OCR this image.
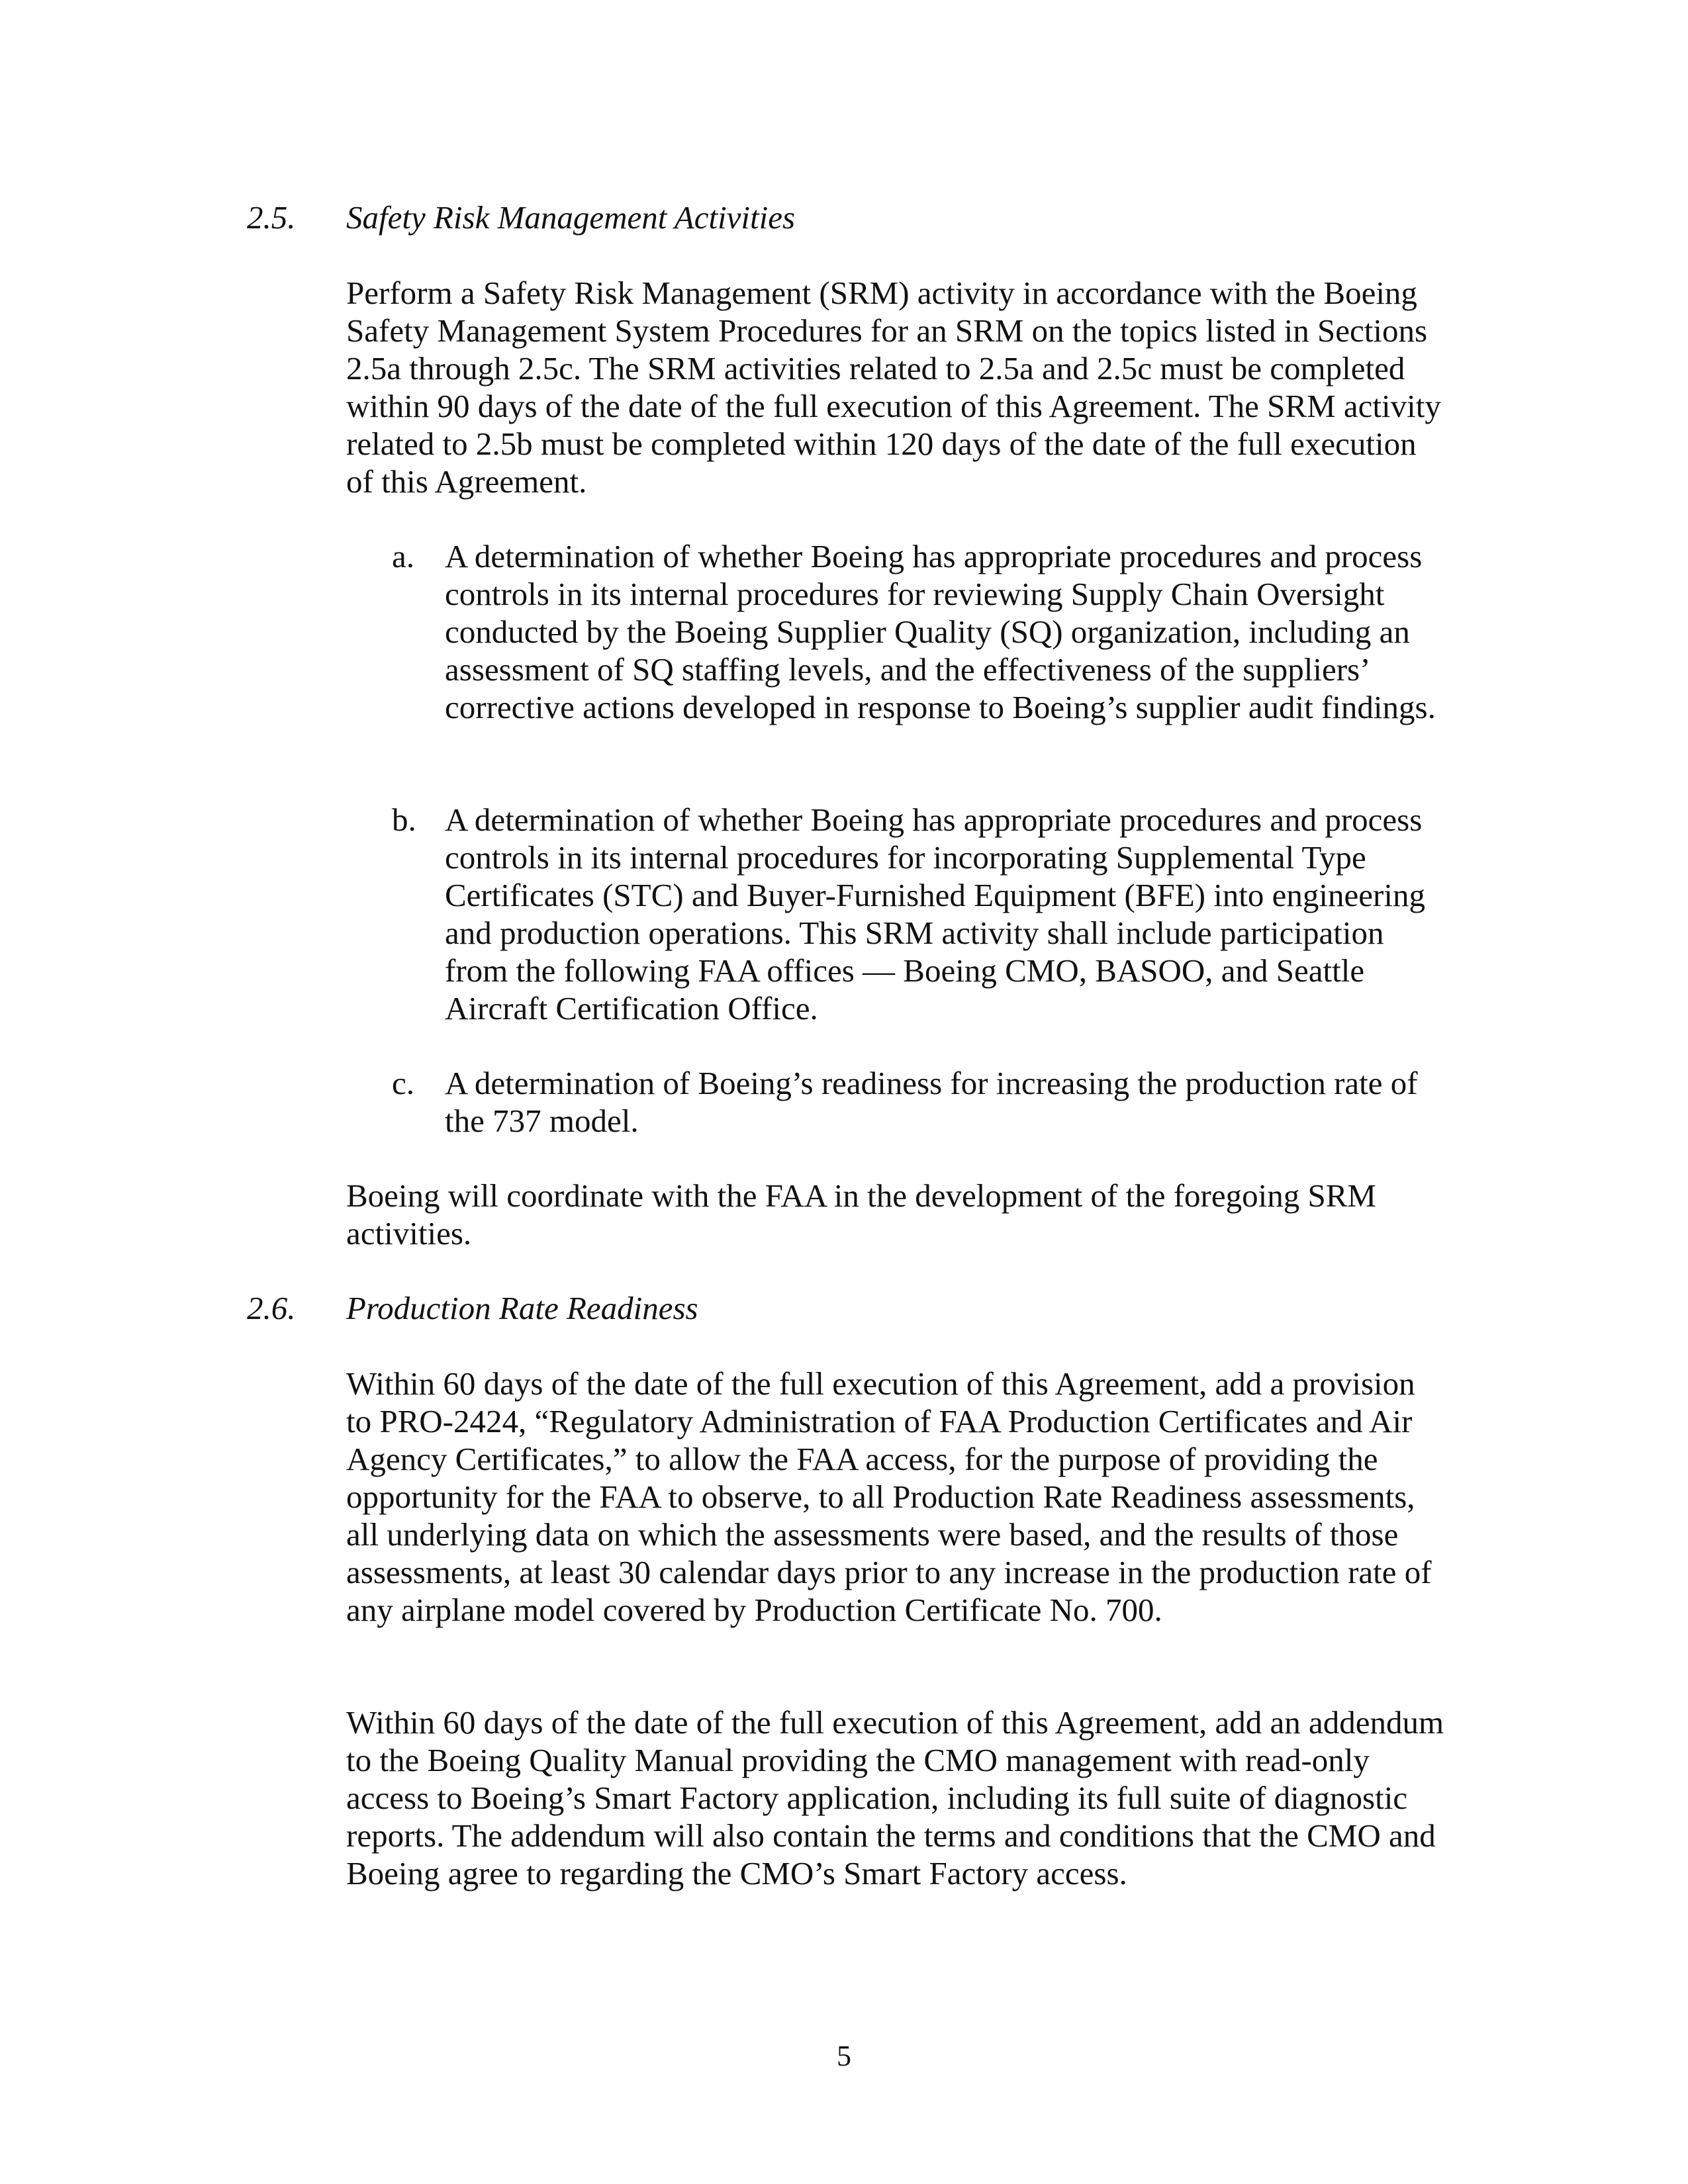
2.5. Safety Risk Management Activities

Perform a Safety Risk Management (SRM) activity in accordance with the Boeing Safety Management System Procedures for an SRM on the topics listed in Sections 2.5a through 2.5c. The SRM activities related to 2.5a and 2.5c must be completed within 90 days of the date of the full execution of this Agreement. The SRM activity related to 2.5b must be completed within 120 days of the date of the full execution of this Agreement.

a. A determination of whether Boeing has appropriate procedures and process controls in its internal procedures for reviewing Supply Chain Oversight conducted by the Boeing Supplier Quality (SQ) organization, including an assessment of SQ staffing levels, and the effectiveness of the suppliers’ corrective actions developed in response to Boeing’s supplier audit findings.

b. A determination of whether Boeing has appropriate procedures and process controls in its internal procedures for incorporating Supplemental Type Certificates (STC) and Buyer-Furnished Equipment (BFE) into engineering and production operations. This SRM activity shall include participation from the following FAA offices — Boeing CMO, BASOO, and Seattle Aircraft Certification Office.

c. A determination of Boeing’s readiness for increasing the production rate of the 737 model.

Boeing will coordinate with the FAA in the development of the foregoing SRM activities.

2.6. Production Rate Readiness

Within 60 days of the date of the full execution of this Agreement, add a provision to PRO-2424, “Regulatory Administration of FAA Production Certificates and Air Agency Certificates,” to allow the FAA access, for the purpose of providing the opportunity for the FAA to observe, to all Production Rate Readiness assessments, all underlying data on which the assessments were based, and the results of those assessments, at least 30 calendar days prior to any increase in the production rate of any airplane model covered by Production Certificate No. 700.

Within 60 days of the date of the full execution of this Agreement, add an addendum to the Boeing Quality Manual providing the CMO management with read-only access to Boeing’s Smart Factory application, including its full suite of diagnostic reports. The addendum will also contain the terms and conditions that the CMO and Boeing agree to regarding the CMO’s Smart Factory access.

5
